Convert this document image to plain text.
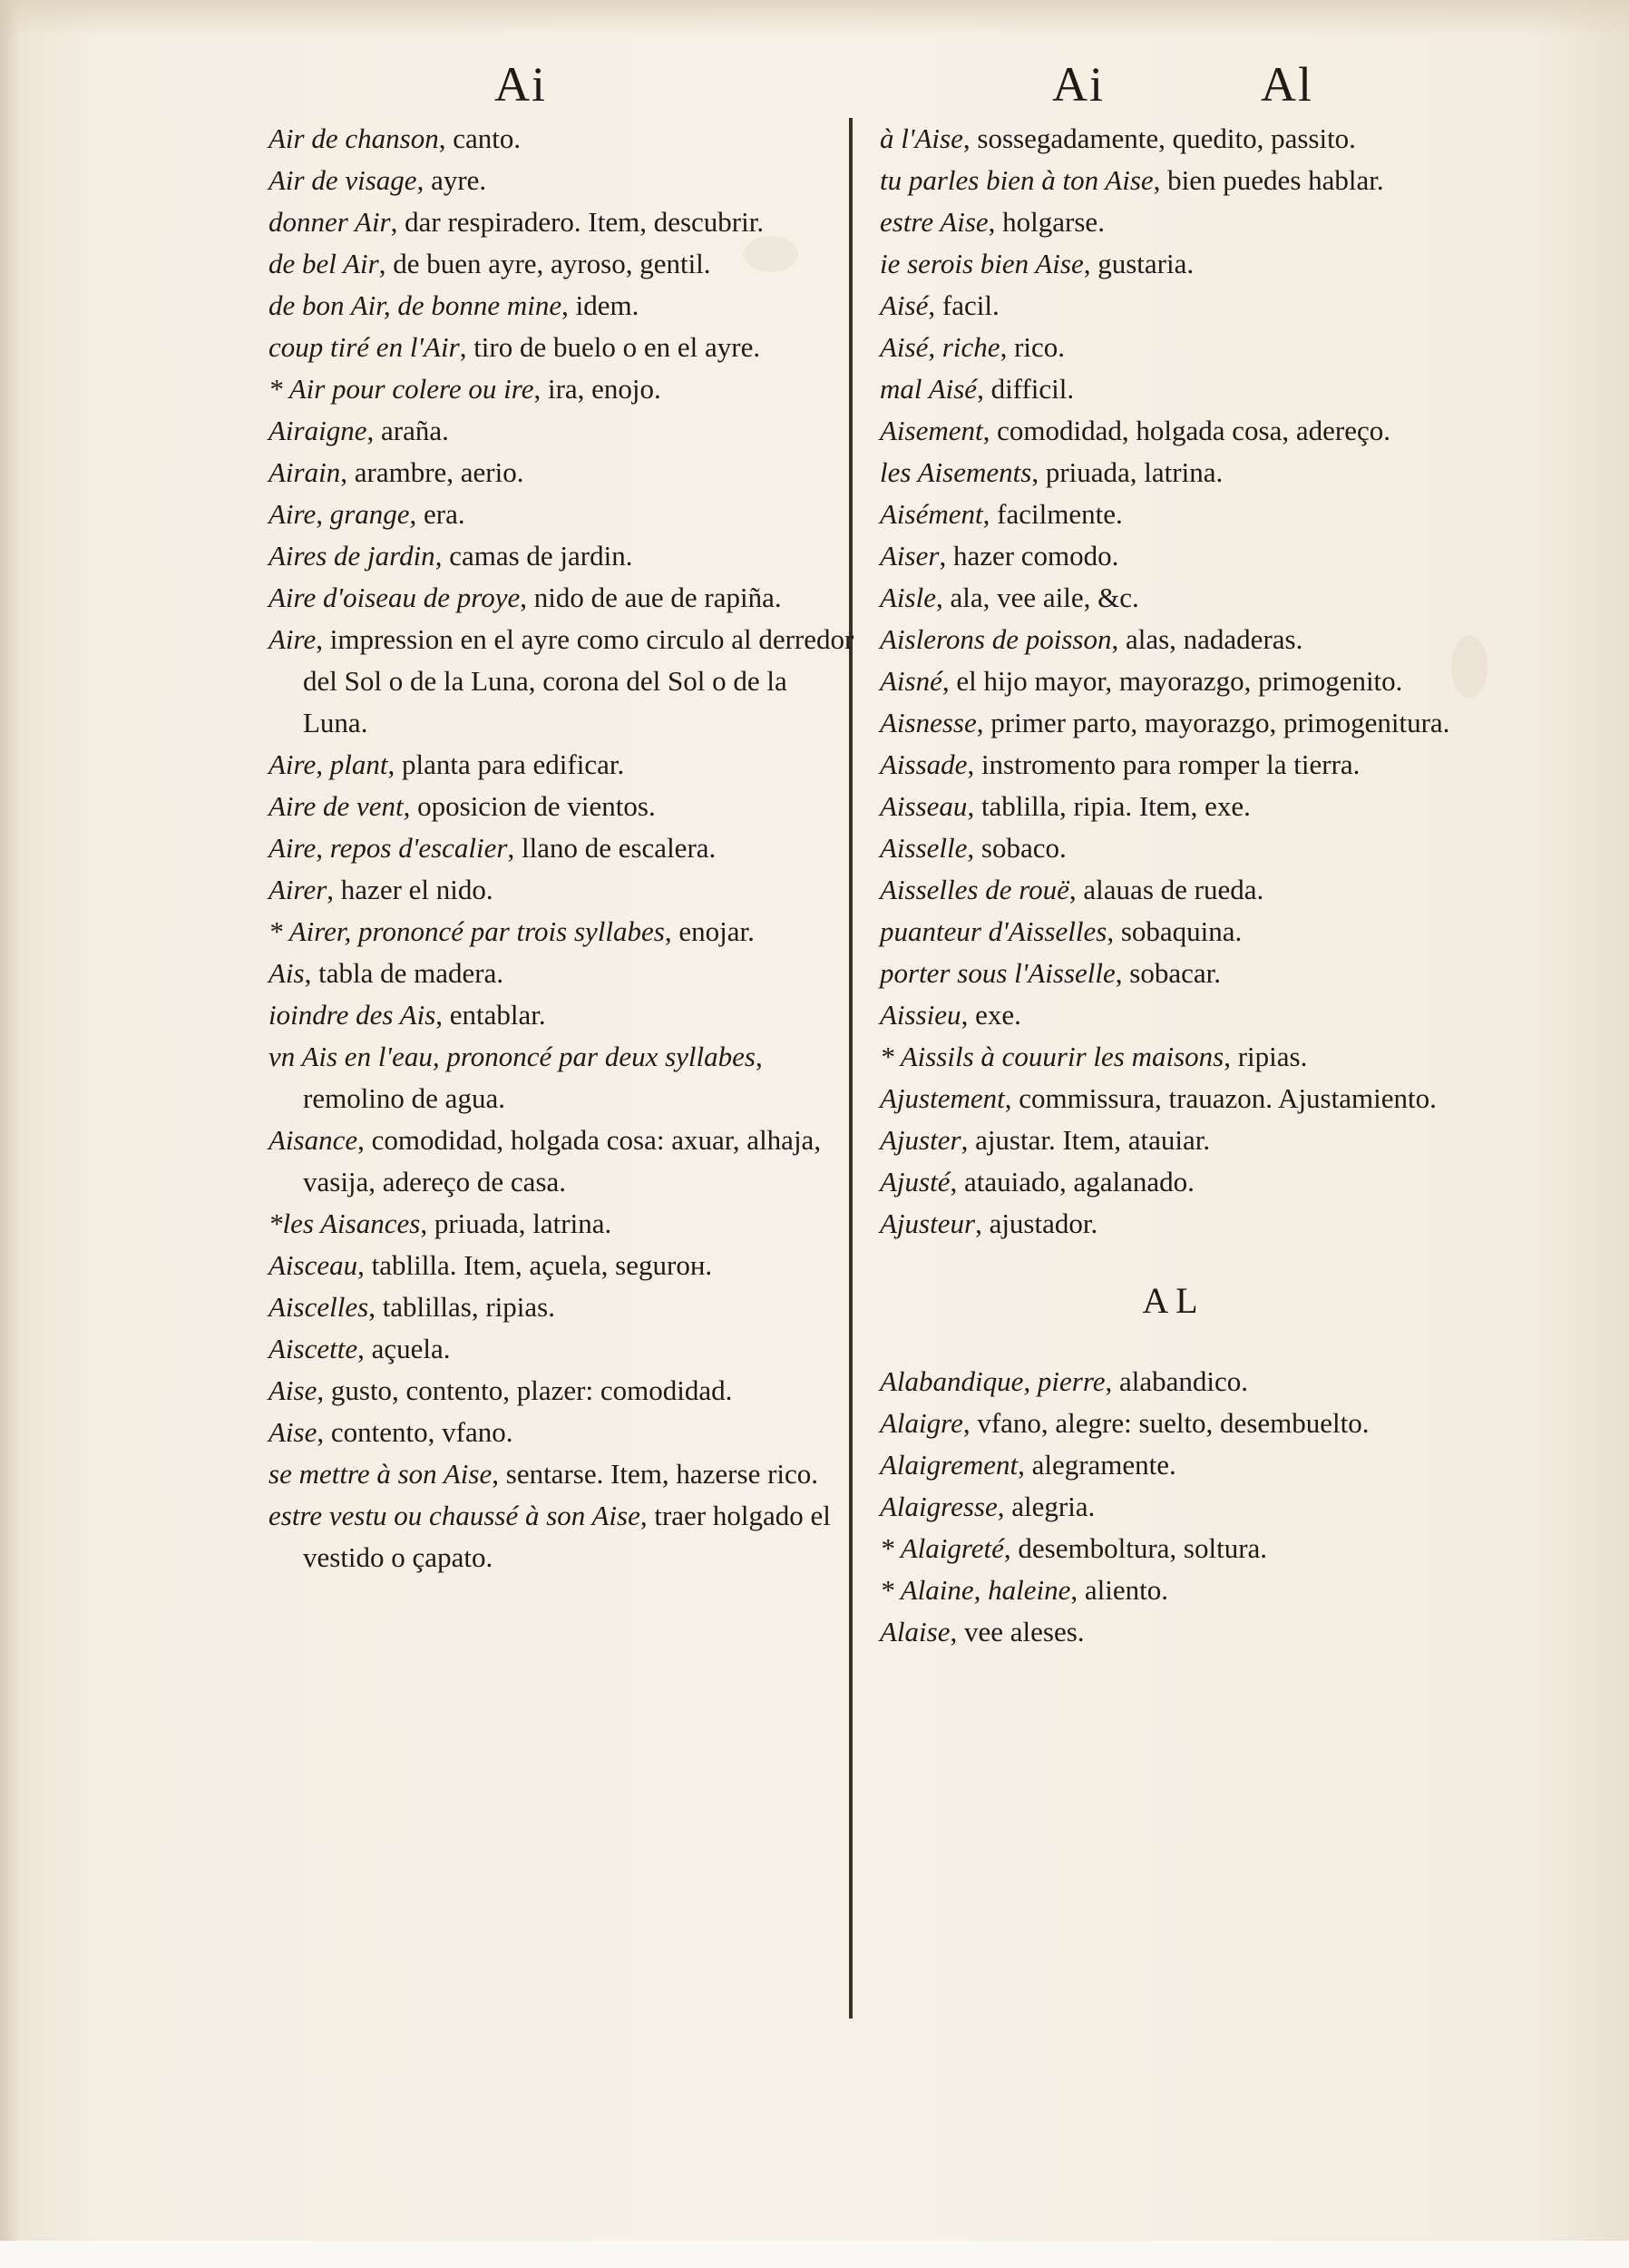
Ai	Ai	Al
Air de chanson, canto.
Air de visage, ayre.
donner Air, dar respiradero. Item, descubrir.
de bel Air, de buen ayre, ayroso, gentil.
de bon Air, de bonne mine, idem.
coup tiré en l'Air, tiro de buelo o en el ayre.
* Air pour colere ou ire, ira, enojo.
Airaigne, araña.
Airain, arambre, aerio.
Aire, grange, era.
Aires de jardin, camas de jardin.
Aire d'oiseau de proye, nido de aue de rapiña.
Aire, impression en el ayre como circulo al derredor del Sol o de la Luna, corona del Sol o de la Luna.
Aire, plant, planta para edificar.
Aire de vent, oposicion de vientos.
Aire, repos d'escalier, llano de escalera.
Airer, hazer el nido.
* Airer, prononcé par trois syllabes, enojar.
Ais, tabla de madera.
ioindre des Ais, entablar.
vn Ais en l'eau, prononcé par deux syllabes, remolino de agua.
Aisance, comodidad, holgada cosa: axuar, alhaja, vasija, adereço de casa.
*les Aisances, priuada, latrina.
Aisceau, tablilla. Item, açuela, segurон.
Aiscelles, tablillas, ripias.
Aiscette, açuela.
Aise, gusto, contento, plazer: comodidad.
Aise, contento, vfano.
se mettre à son Aise, sentarse. Item, hazerse rico.
estre vestu ou chaussé à son Aise, traer holgado el vestido o çapato.
à l'Aise, sossegadamente, quedito, passito.
tu parles bien à ton Aise, bien puedes hablar.
estre Aise, holgarse.
ie serois bien Aise, gustaria.
Aisé, facil.
Aisé, riche, rico.
mal Aisé, difficil.
Aisement, comodidad, holgada cosa, adereço.
les Aisements, priuada, latrina.
Aisément, facilmente.
Aiser, hazer comodo.
Aisle, ala, vee aile, &c.
Aislerons de poisson, alas, nadaderas.
Aisné, el hijo mayor, mayorazgo, primogenito.
Aisnesse, primer parto, mayorazgo, primogenitura.
Aissade, instromento para romper la tierra.
Aisseau, tablilla, ripia. Item, exe.
Aisselle, sobaco.
Aisselles de rouë, alauas de rueda.
puanteur d'Aisselles, sobaquina.
porter sous l'Aisselle, sobacar.
Aissieu, exe.
* Aissils à couurir les maisons, ripias.
Ajustement, commissura, trauazon. Ajustamiento.
Ajuster, ajustar. Item, atauiar.
Ajusté, atauiado, agalanado.
Ajusteur, ajustador.
A L
Alabandique, pierre, alabandico.
Alaigre, vfano, alegre: suelto, desembuelto.
Alaigrement, alegramente.
Alaigresse, alegria.
* Alaigreté, desemboltura, soltura.
* Alaine, haleine, aliento.
Alaise, vee aleses.
